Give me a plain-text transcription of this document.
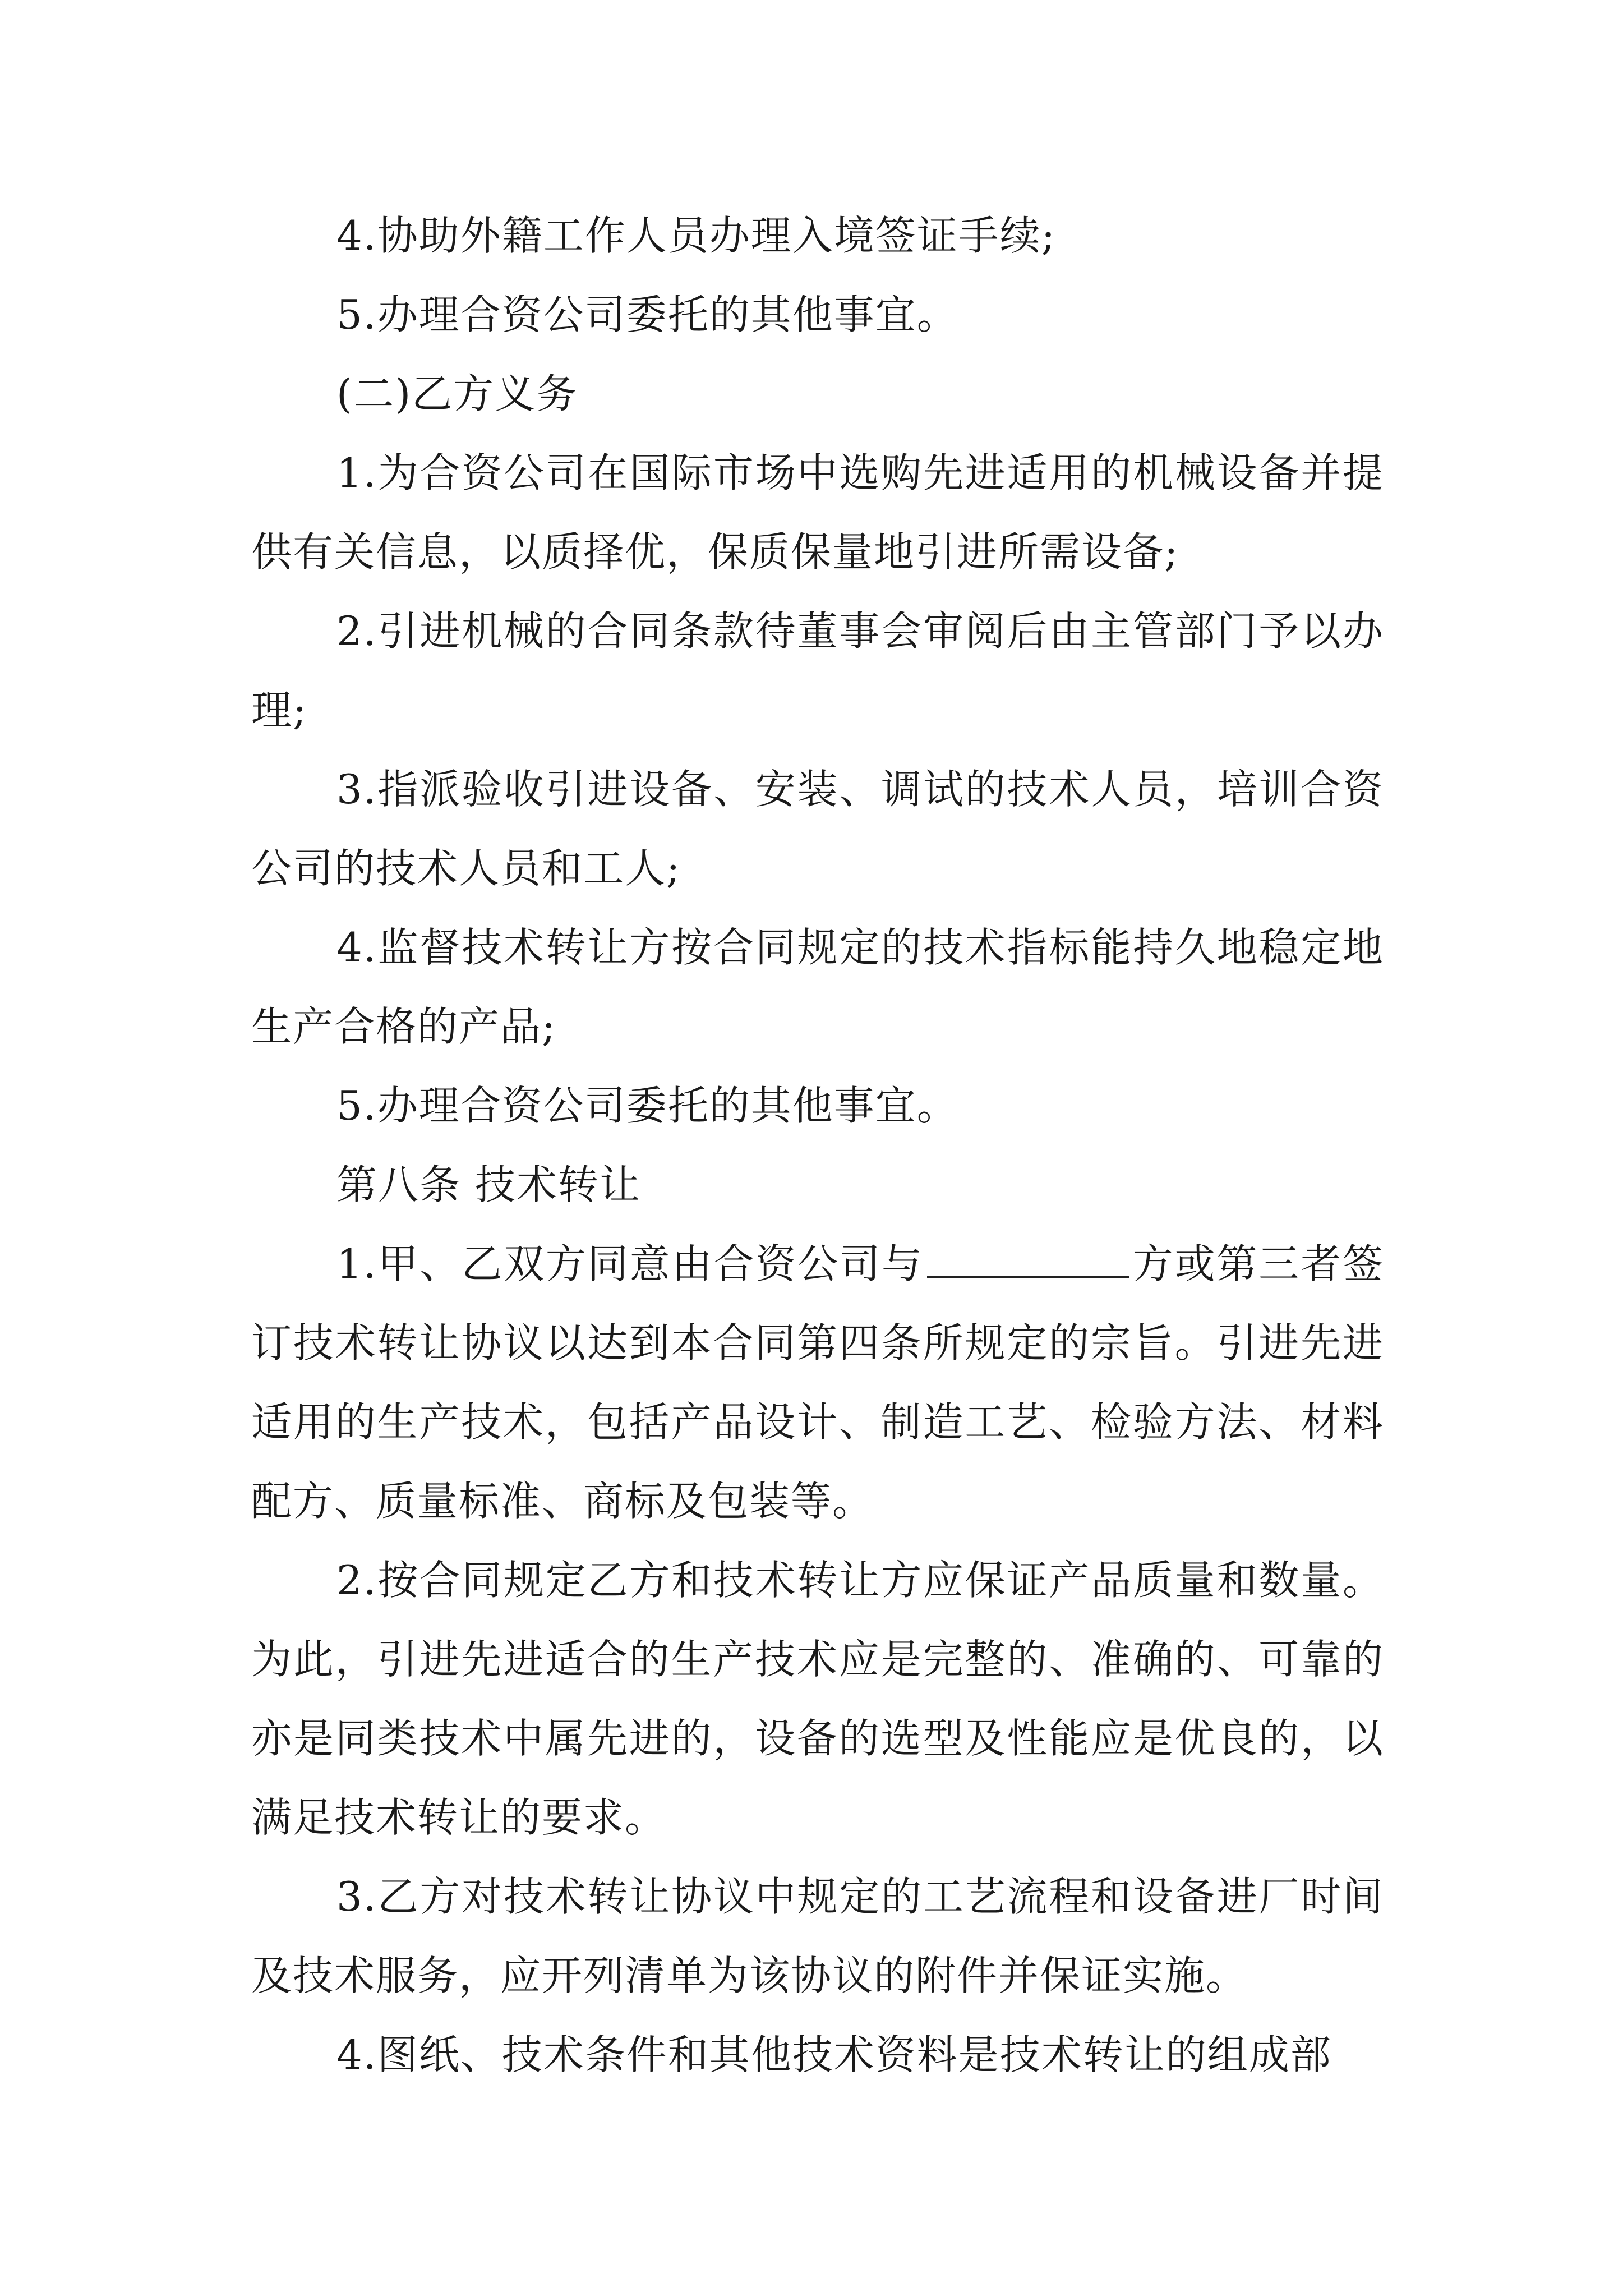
4.协助外籍工作人员办理入境签证手续;

5.办理合资公司委托的其他事宜。

(二)乙方义务

1.为合资公司在国际市场中选购先进适用的机械设备并提供有关信息，以质择优，保质保量地引进所需设备;

2.引进机械的合同条款待董事会审阅后由主管部门予以办理;

3.指派验收引进设备、安装、调试的技术人员，培训合资公司的技术人员和工人;

4.监督技术转让方按合同规定的技术指标能持久地稳定地生产合格的产品;

5.办理合资公司委托的其他事宜。

第八条 技术转让

1.甲、乙双方同意由合资公司与	方或第三者签订技术转让协议以达到本合同第四条所规定的宗旨。引进先进适用的生产技术，包括产品设计、制造工艺、检验方法、材料配方、质量标准、商标及包装等。

2.按合同规定乙方和技术转让方应保证产品质量和数量。为此，引进先进适合的生产技术应是完整的、准确的、可靠的亦是同类技术中属先进的，设备的选型及性能应是优良的，以满足技术转让的要求。

3.乙方对技术转让协议中规定的工艺流程和设备进厂时间及技术服务，应开列清单为该协议的附件并保证实施。

4.图纸、技术条件和其他技术资料是技术转让的组成部
